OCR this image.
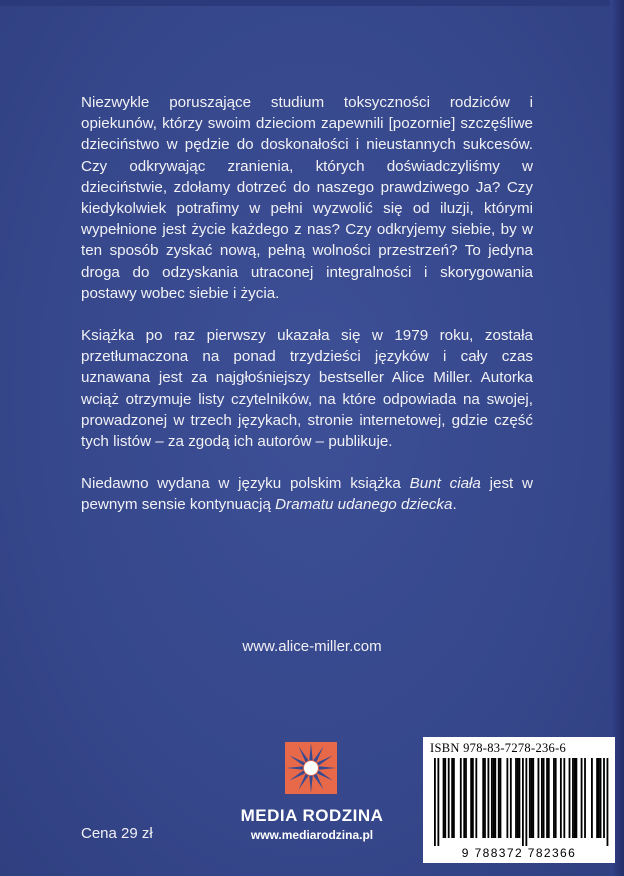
Niezwykle poruszające studium toksyczności rodziców i opiekunów, którzy swoim dzieciom zapewnili [pozornie] szczęśliwe dzieciństwo w pędzie do doskonałości i nieustannych sukcesów. Czy odkrywając zranienia, których doświadczyliśmy w dzieciństwie, zdołamy dotrzeć do naszego prawdziwego Ja? Czy kiedykolwiek potrafimy w pełni wyzwolić się od iluzji, którymi wypełnione jest życie każdego z nas? Czy odkryjemy siebie, by w ten sposób zyskać nową, pełną wolności przestrzeń? To jedyna droga do odzyskania utraconej integralności i skorygowania postawy wobec siebie i życia.

Książka po raz pierwszy ukazała się w 1979 roku, została przetłumaczona na ponad trzydzieści języków i cały czas uznawana jest za najgłośniejszy bestseller Alice Miller. Autorka wciąż otrzymuje listy czytelników, na które odpowiada na swojej, prowadzonej w trzech językach, stronie internetowej, gdzie część tych listów – za zgodą ich autorów – publikuje.

Niedawno wydana w języku polskim książka Bunt ciała jest w pewnym sensie kontynuacją Dramatu udanego dziecka.

www.alice-miller.com
MEDIA RODZINA
www.mediarodzina.pl
Cena 29 zł
ISBN 978-83-7278-236-6
9 788372 782366
